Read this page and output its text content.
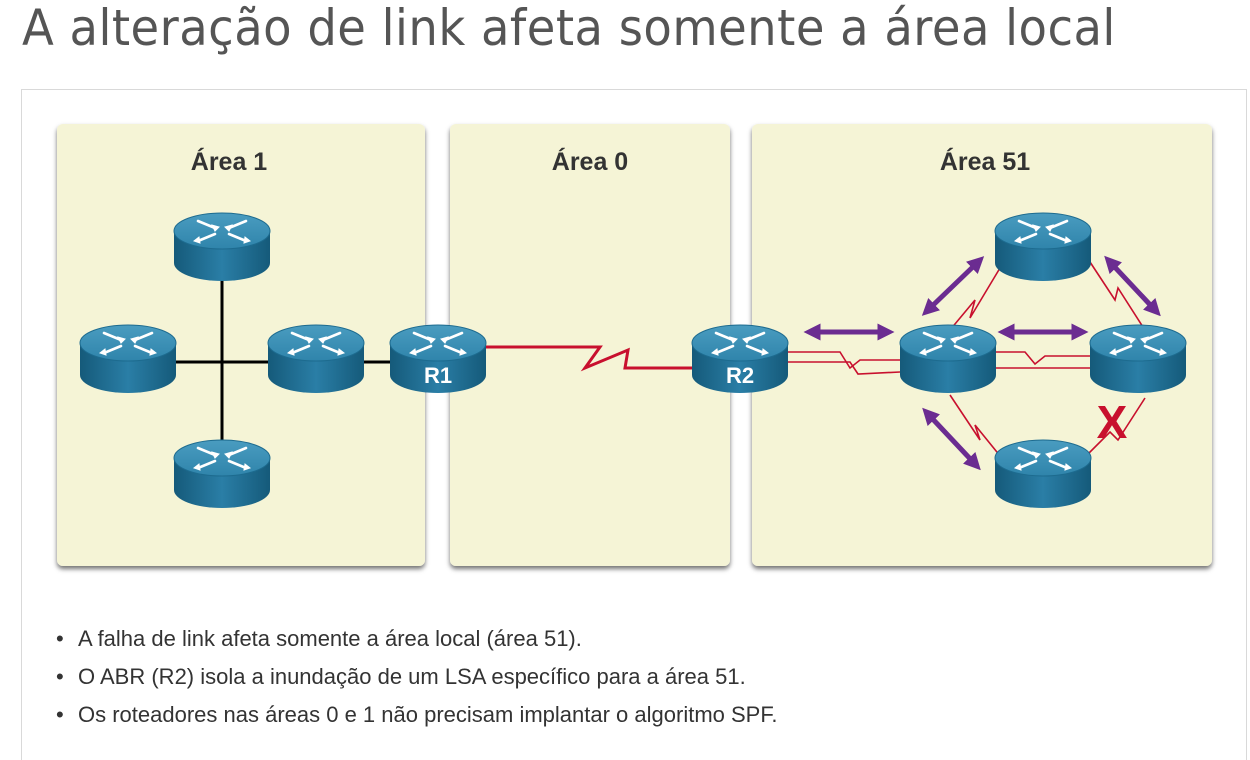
A alteração de link afeta somente a área local
Área 1	Área 0	Área 51
R1	R2
X
• A falha de link afeta somente a área local (área 51).
• O ABR (R2) isola a inundação de um LSA específico para a área 51.
• Os roteadores nas áreas 0 e 1 não precisam implantar o algoritmo SPF.
